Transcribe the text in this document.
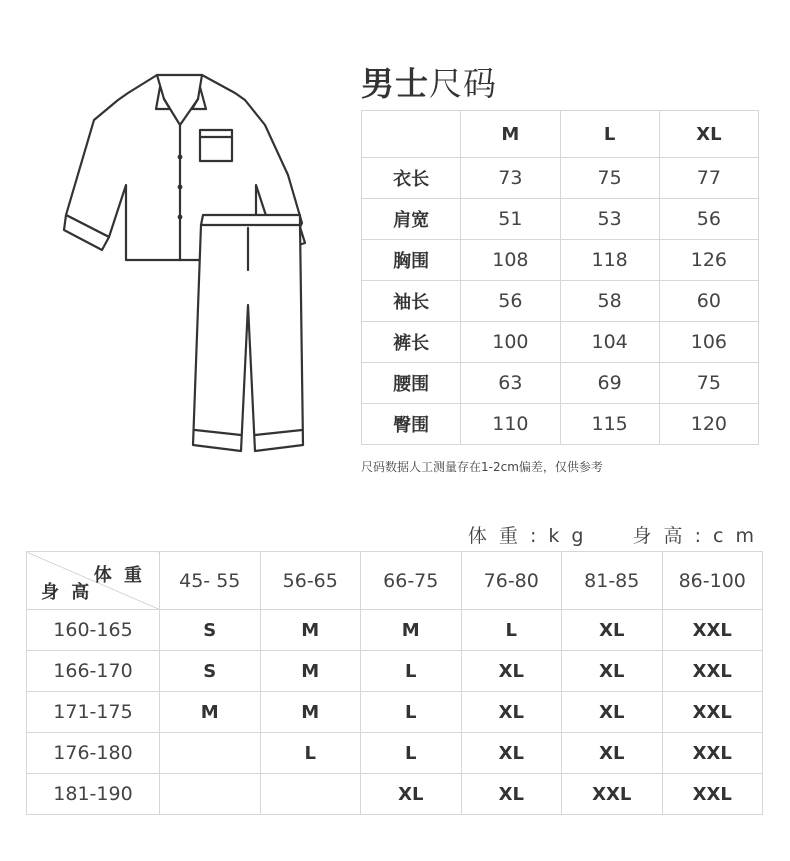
男士尺码
	M	L	XL
衣长	73	75	77
肩宽	51	53	56
胸围	108	118	126
袖长	56	58	60
裤长	100	104	106
腰围	63	69	75
臀围	110	115	120
尺码数据人工测量存在1-2cm偏差，仅供参考
体 重 : k g 身 高 : c m
体 重
身 高	45- 55	56-65	66-75	76-80	81-85	86-100
160-165	S	M	M	L	XL	XXL
166-170	S	M	L	XL	XL	XXL
171-175	M	M	L	XL	XL	XXL
176-180		L	L	XL	XL	XXL
181-190			XL	XL	XXL	XXL
